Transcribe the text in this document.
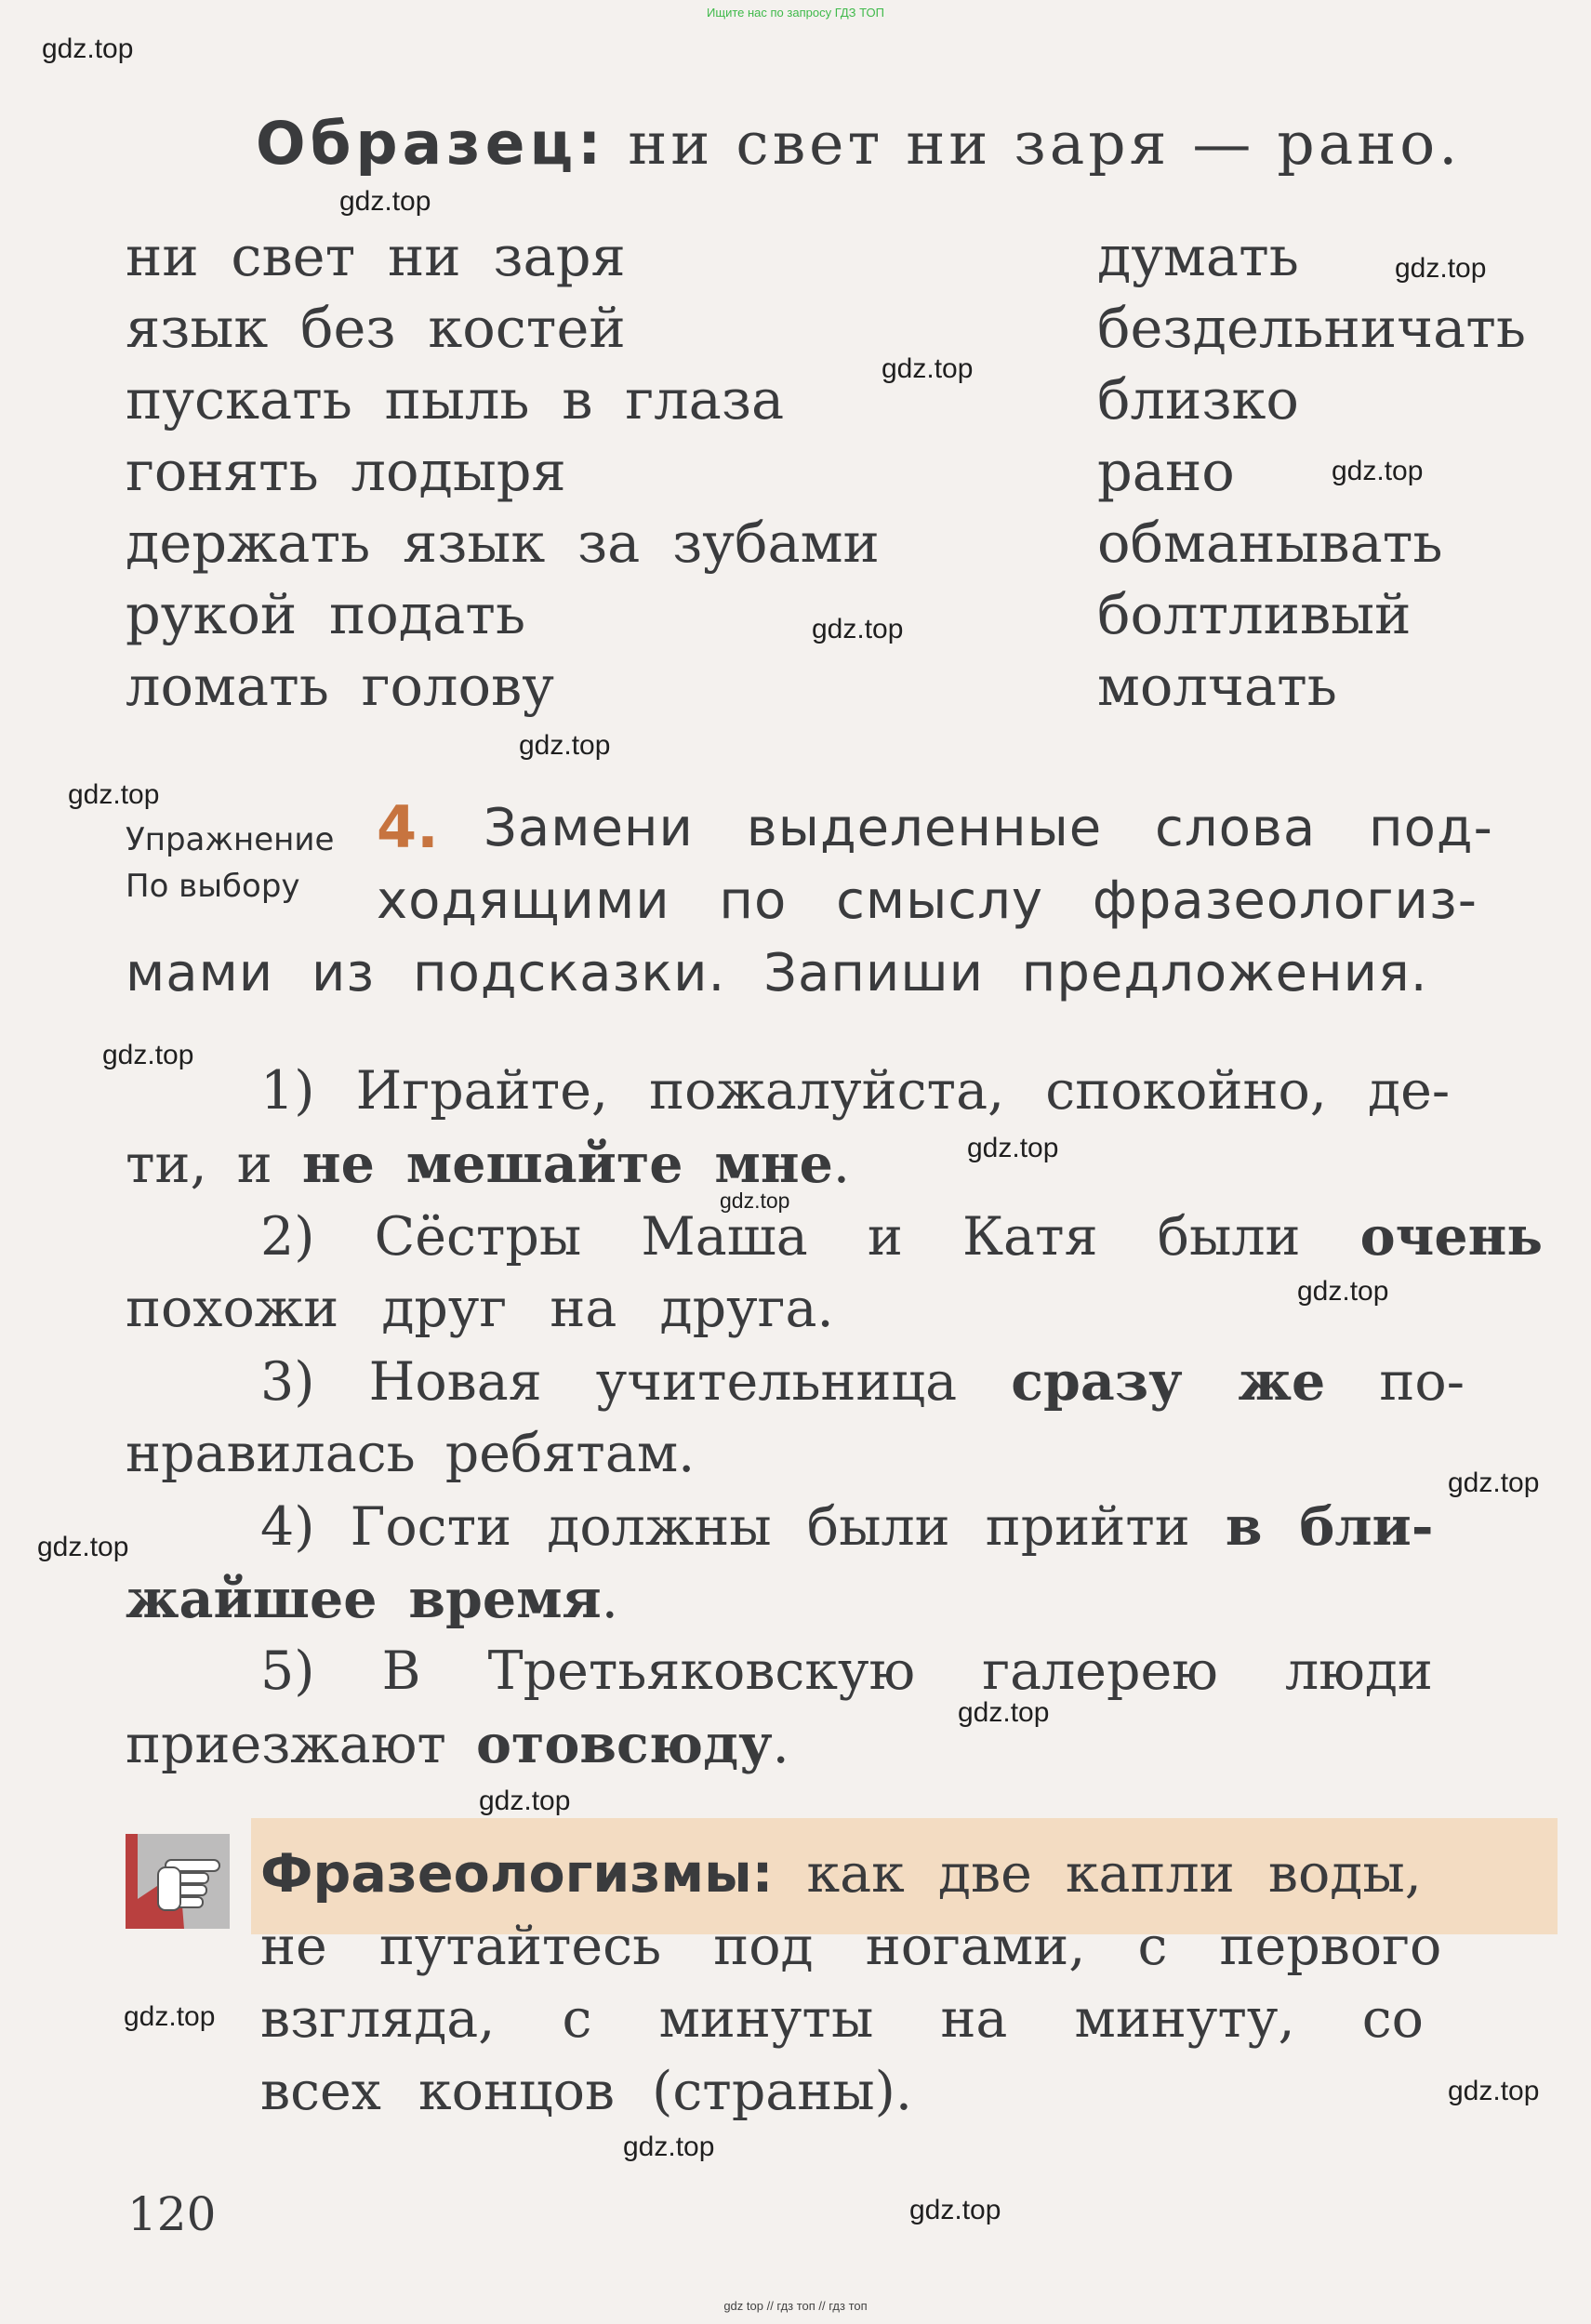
Ищите нас по запросу ГДЗ ТОП
Образец: ни свет ни заря — рано.
ни свет ни заря
язык без костей
пускать пыль в глаза
гонять лодыря
держать язык за зубами
рукой подать
ломать голову
думать
бездельничать
близко
рано
обманывать
болтливый
молчать
Упражнение
По выбору
4. Замени выделенные слова под-
ходящими по смыслу фразеологиз-
мами из подсказки. Запиши предложения.
1) Играйте, пожалуйста, спокойно, де-
ти, и не мешайте мне.
2) Сёстры Маша и Катя были очень
похожи друг на друга.
3) Новая учительница сразу же по-
нравилась ребятам.
4) Гости должны были прийти в бли-
жайшее время.
5) В Третьяковскую галерею люди
приезжают отовсюду.
Фразеологизмы: как две капли воды,
не путайтесь под ногами, с первого
взгляда, с минуты на минуту, со
всех концов (страны).
120
gdz.top
gdz.top
gdz.top
gdz.top
gdz.top
gdz.top
gdz.top
gdz.top
gdz.top
gdz.top
gdz.top
gdz.top
gdz.top
gdz.top
gdz.top
gdz.top
gdz.top
gdz.top
gdz.top
gdz.top
gdz top // гдз топ // гдз топ
